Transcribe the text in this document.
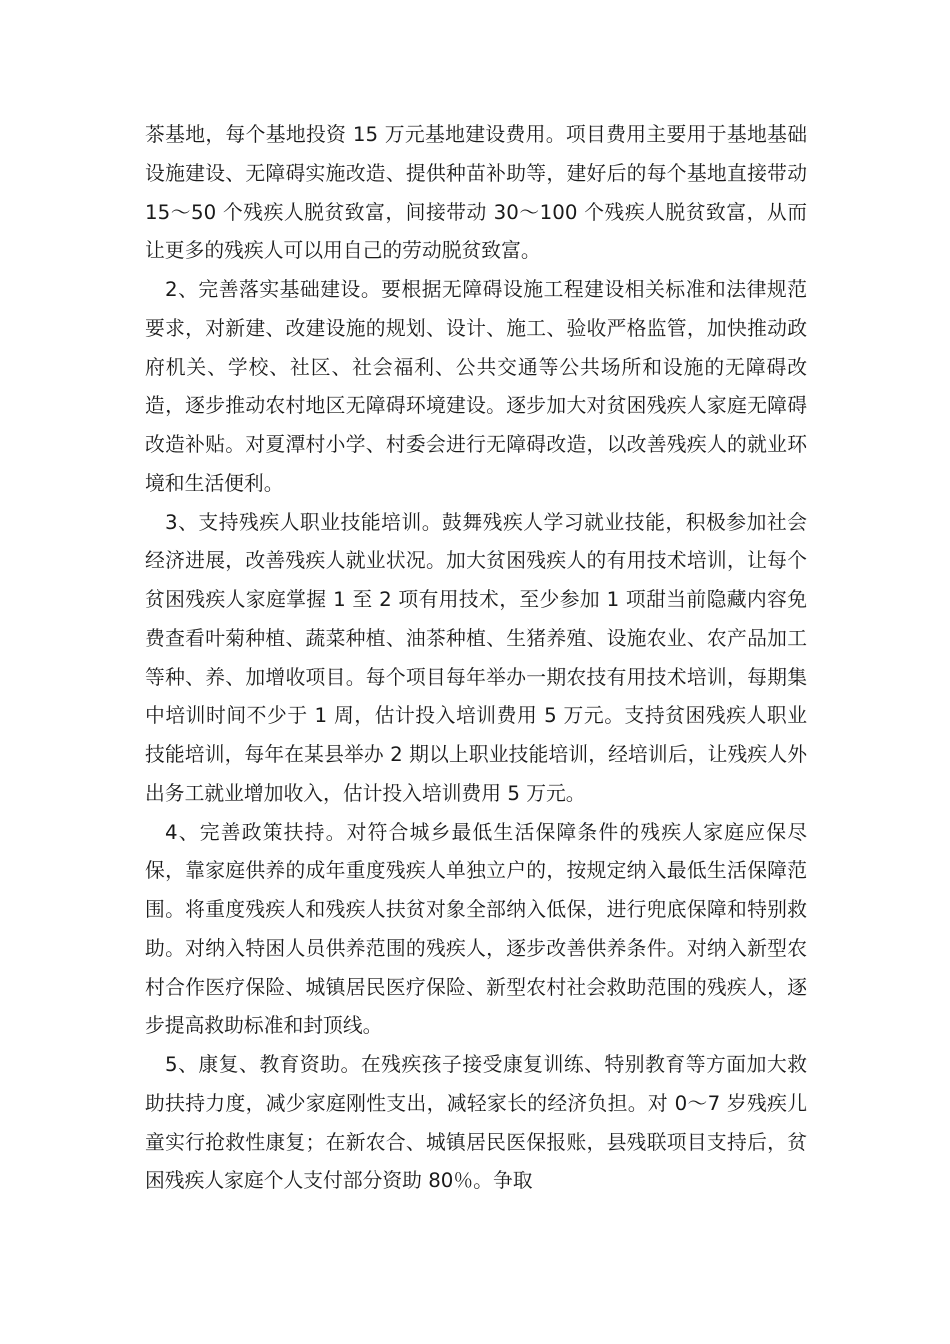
茶基地，每个基地投资 15 万元基地建设费用。项目费用主要用于基地基础设施建设、无障碍实施改造、提供种苗补助等，建好后的每个基地直接带动 15～50 个残疾人脱贫致富，间接带动 30～100 个残疾人脱贫致富，从而让更多的残疾人可以用自己的劳动脱贫致富。

2、完善落实基础建设。要根据无障碍设施工程建设相关标准和法律规范要求，对新建、改建设施的规划、设计、施工、验收严格监管，加快推动政府机关、学校、社区、社会福利、公共交通等公共场所和设施的无障碍改造，逐步推动农村地区无障碍环境建设。逐步加大对贫困残疾人家庭无障碍改造补贴。对夏潭村小学、村委会进行无障碍改造，以改善残疾人的就业环境和生活便利。

3、支持残疾人职业技能培训。鼓舞残疾人学习就业技能，积极参加社会经济进展，改善残疾人就业状况。加大贫困残疾人的有用技术培训，让每个贫困残疾人家庭掌握 1 至 2 项有用技术，至少参加 1 项甜当前隐藏内容免费查看叶菊种植、蔬菜种植、油茶种植、生猪养殖、设施农业、农产品加工等种、养、加增收项目。每个项目每年举办一期农技有用技术培训，每期集中培训时间不少于 1 周，估计投入培训费用 5 万元。支持贫困残疾人职业技能培训，每年在某县举办 2 期以上职业技能培训，经培训后，让残疾人外出务工就业增加收入，估计投入培训费用 5 万元。

4、完善政策扶持。对符合城乡最低生活保障条件的残疾人家庭应保尽保，靠家庭供养的成年重度残疾人单独立户的，按规定纳入最低生活保障范围。将重度残疾人和残疾人扶贫对象全部纳入低保，进行兜底保障和特别救助。对纳入特困人员供养范围的残疾人，逐步改善供养条件。对纳入新型农村合作医疗保险、城镇居民医疗保险、新型农村社会救助范围的残疾人，逐步提高救助标准和封顶线。

5、康复、教育资助。在残疾孩子接受康复训练、特别教育等方面加大救助扶持力度，减少家庭刚性支出，减轻家长的经济负担。对 0～7 岁残疾儿童实行抢救性康复；在新农合、城镇居民医保报账，县残联项目支持后，贫困残疾人家庭个人支付部分资助 80％。争取
